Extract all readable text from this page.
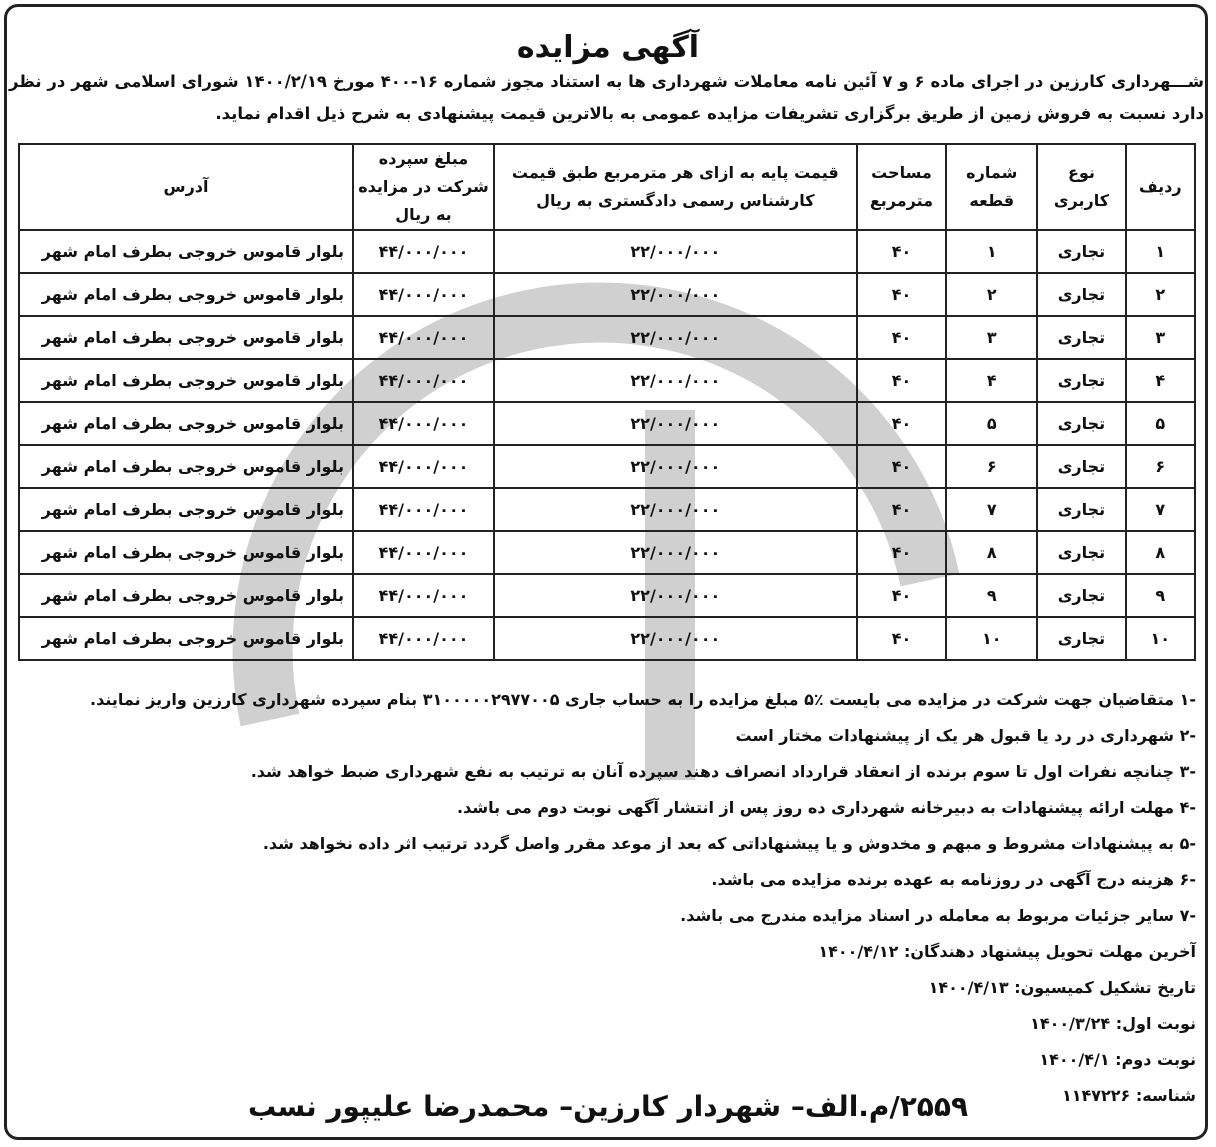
آگهی مزایده
شـــهرداری کارزین در اجرای ماده ۶ و ۷ آئین نامه معاملات شهرداری ها به استناد مجوز شماره ۱۶-۴۰۰ مورخ ۱۴۰۰/۲/۱۹ شورای اسلامی شهر در نظر دارد نسبت به فروش زمین از طریق برگزاری تشریفات مزایده عمومی به بالاترین قیمت پیشنهادی به شرح ذیل اقدام نماید.
ردیف	نوع کاربری	شماره قطعه	مساحت مترمربع	قیمت پایه به ازای هر مترمربع طبق قیمت کارشناس رسمی دادگستری به ریال	مبلغ سپرده شرکت در مزایده به ریال	آدرس
۱	تجاری	۱	۴۰	۲۲/۰۰۰/۰۰۰	۴۴/۰۰۰/۰۰۰	بلوار قاموس خروجی بطرف امام شهر
۲	تجاری	۲	۴۰	۲۲/۰۰۰/۰۰۰	۴۴/۰۰۰/۰۰۰	بلوار قاموس خروجی بطرف امام شهر
۳	تجاری	۳	۴۰	۲۲/۰۰۰/۰۰۰	۴۴/۰۰۰/۰۰۰	بلوار قاموس خروجی بطرف امام شهر
۴	تجاری	۴	۴۰	۲۲/۰۰۰/۰۰۰	۴۴/۰۰۰/۰۰۰	بلوار قاموس خروجی بطرف امام شهر
۵	تجاری	۵	۴۰	۲۲/۰۰۰/۰۰۰	۴۴/۰۰۰/۰۰۰	بلوار قاموس خروجی بطرف امام شهر
۶	تجاری	۶	۴۰	۲۲/۰۰۰/۰۰۰	۴۴/۰۰۰/۰۰۰	بلوار قاموس خروجی بطرف امام شهر
۷	تجاری	۷	۴۰	۲۲/۰۰۰/۰۰۰	۴۴/۰۰۰/۰۰۰	بلوار قاموس خروجی بطرف امام شهر
۸	تجاری	۸	۴۰	۲۲/۰۰۰/۰۰۰	۴۴/۰۰۰/۰۰۰	بلوار قاموس خروجی بطرف امام شهر
۹	تجاری	۹	۴۰	۲۲/۰۰۰/۰۰۰	۴۴/۰۰۰/۰۰۰	بلوار قاموس خروجی بطرف امام شهر
۱۰	تجاری	۱۰	۴۰	۲۲/۰۰۰/۰۰۰	۴۴/۰۰۰/۰۰۰	بلوار قاموس خروجی بطرف امام شهر
-۱ متقاضیان جهت شرکت در مزایده می بایست ٪۵ مبلغ مزایده را به حساب جاری ۳۱۰۰۰۰۰۲۹۷۷۰۰۵ بنام سپرده شهرداری کارزین واریز نمایند.
-۲ شهرداری در رد یا قبول هر یک از پیشنهادات مختار است
-۳ چنانچه نفرات اول تا سوم برنده از انعقاد قرارداد انصراف دهند سپرده آنان به ترتیب به نفع شهرداری ضبط خواهد شد.
-۴ مهلت ارائه پیشنهادات به دبیرخانه شهرداری ده روز پس از انتشار آگهی نوبت دوم می باشد.
-۵ به پیشنهادات مشروط و مبهم و مخدوش و یا پیشنهاداتی که بعد از موعد مقرر واصل گردد ترتیب اثر داده نخواهد شد.
-۶ هزینه درج آگهی در روزنامه به عهده برنده مزایده می باشد.
-۷ سایر جزئیات مربوط به معامله در اسناد مزایده مندرج می باشد.
آخرین مهلت تحویل پیشنهاد دهندگان: ۱۴۰۰/۴/۱۲
تاریخ تشکیل کمیسیون: ۱۴۰۰/۴/۱۳
نوبت اول: ۱۴۰۰/۳/۲۴
نوبت دوم: ۱۴۰۰/۴/۱
شناسه: ۱۱۴۷۲۲۶
۲۵۵۹/م.الف– شهردار کارزین– محمدرضا علیپور نسب
